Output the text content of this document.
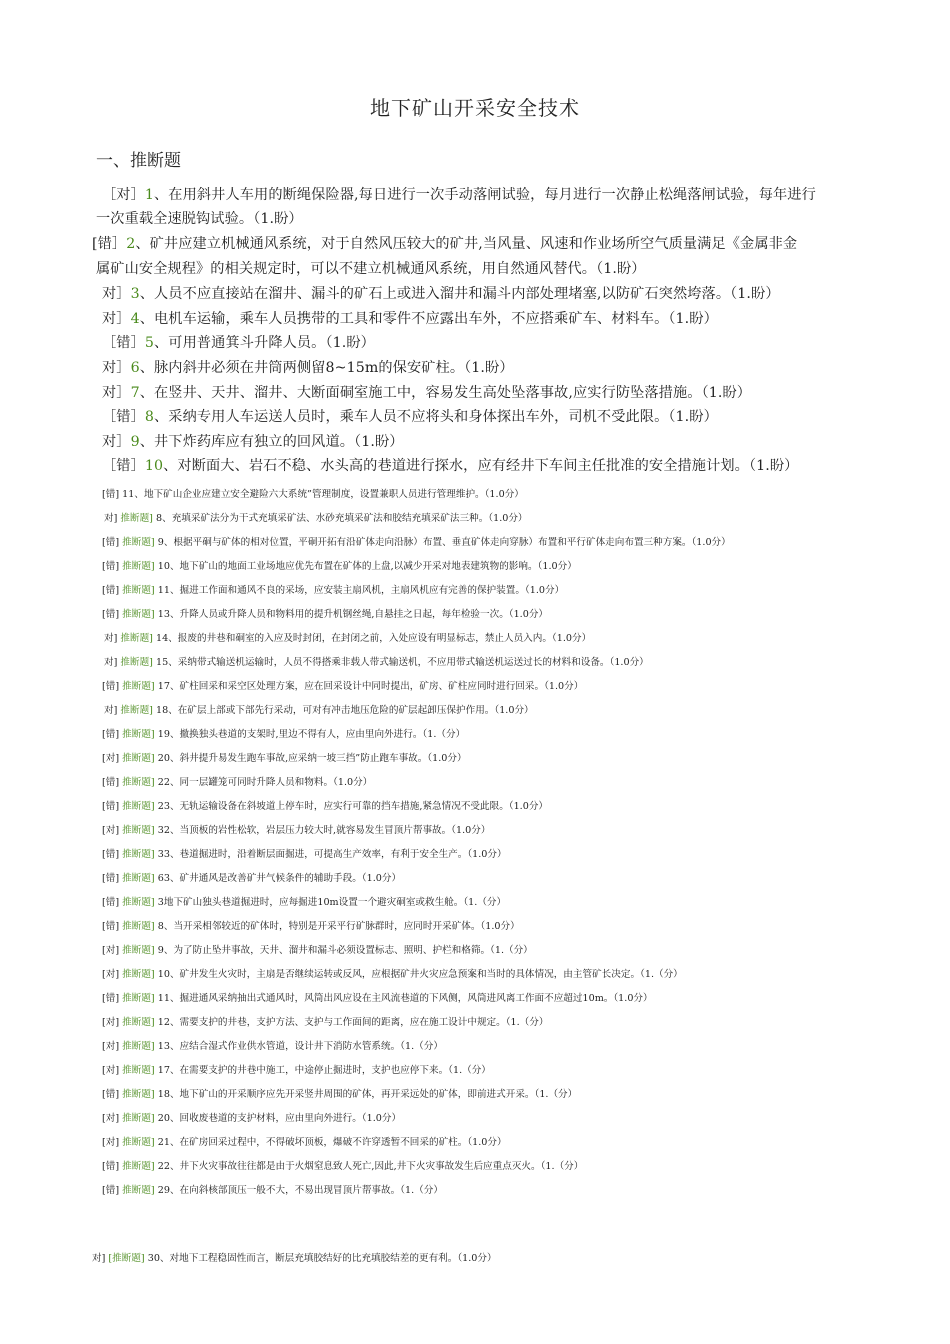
地下矿山开采安全技术
一、推断题
［对］1、在用斜井人车用的断绳保险器,每日进行一次手动落闸试验，每月进行一次静止松绳落闸试验，每年进行
一次重载全速脱钩试验。（1.盼）
[错］2、矿井应建立机械通风系统，对于自然风压较大的矿井,当风量、风速和作业场所空气质量满足《金属非金
属矿山安全规程》的相关规定时，可以不建立机械通风系统，用自然通风替代。（1.盼）
对］3、人员不应直接站在溜井、漏斗的矿石上或进入溜井和漏斗内部处理堵塞,以防矿石突然垮落。（1.盼）
对］4、电机车运输，乘车人员携带的工具和零件不应露出车外，不应搭乘矿车、材料车。（1.盼）
［错］5、可用普通箕斗升降人员。（1.盼）
对］6、脉内斜井必须在井筒两侧留8~15m的保安矿柱。（1.盼）
对］7、在竖井、天井、溜井、大断面硐室施工中，容易发生高处坠落事故,应实行防坠落措施。（1.盼）
［错］8、采纳专用人车运送人员时，乘车人员不应将头和身体探出车外，司机不受此限。（1.盼）
对］9、井下炸药库应有独立的回风道。（1.盼）
［错］10、对断面大、岩石不稳、水头高的巷道进行探水，应有经井下车间主任批准的安全措施计划。（1.盼）
[错] 11、地下矿山企业应建立安全避险六大系统”管理制度，设置兼职人员进行管理维护。（1.0分）
对] 推断题] 8、充填采矿法分为干式充填采矿法、水砂充填采矿法和胶结充填采矿法三种。（1.0分）
[错] 推断题] 9、根据平硐与矿体的相对位置，平硐开拓有沿矿体走向沿脉）布置、垂直矿体走向穿脉）布置和平行矿体走向布置三种方案。（1.0分）
[错] 推断题] 10、地下矿山的地面工业场地应优先布置在矿体的上盘,以减少开采对地表建筑物的影响。（1.0分）
[错] 推断题] 11、掘进工作面和通风不良的采场，应安装主扇风机，主扇风机应有完善的保护装置。（1.0分）
[错] 推断题] 13、升降人员或升降人员和物料用的提升机钢丝绳,自悬挂之日起，每年检验一次。（1.0分）
对] 推断题] 14、报废的井巷和硐室的入应及时封闭，在封闭之前，入处应设有明显标志，禁止人员入内。（1.0分）
对] 推断题] 15、采纳带式输送机运输时，人员不得搭乘非载人带式输送机，不应用带式输送机运送过长的材料和设备。（1.0分）
[错] 推断题] 17、矿柱回采和采空区处理方案，应在回采设计中同时提出，矿房、矿柱应同时进行回采。（1.0分）
对] 推断题] 18、在矿层上部或下部先行采动，可对有冲击地压危险的矿层起卸压保护作用。（1.0分）
[错] 推断题] 19、撤换独头巷道的支架时,里边不得有人，应由里向外进行。（1.（分）
[对] 推断题] 20、斜井提升易发生跑车事故,应采纳一坡三挡”防止跑车事故。（1.0分）
[错] 推断题] 22、同一层罐笼可同时升降人员和物料。（1.0分）
[错] 推断题] 23、无轨运输设备在斜坡道上停车时，应实行可靠的挡车措施,紧急情况不受此限。（1.0分）
[对] 推断题] 32、当顶板的岩性松软，岩层压力较大时,就容易发生冒顶片帮事故。（1.0分）
[错] 推断题] 33、巷道掘进时，沿着断层面掘进，可提高生产效率，有利于安全生产。（1.0分）
[错] 推断题] 63、矿井通风是改善矿井气候条件的辅助手段。（1.0分）
[错] 推断题] 3地下矿山独头巷道掘进时，应每掘进10m设置一个避灾硐室或救生舱。（1.（分）
[错] 推断题] 8、当开采相邻较近的矿体时，特别是开采平行矿脉群时，应同时开采矿体。（1.0分）
[对] 推断题] 9、为了防止坠井事故，天井、溜井和漏斗必须设置标志、照明、护栏和格筛。（1.（分）
[对] 推断题] 10、矿井发生火灾时，主扇是否继续运转或反风，应根据矿井火灾应急预案和当时的具体情况，由主管矿长决定。（1.（分）
[错] 推断题] 11、掘进通风采纳抽出式通风时，风筒出风应设在主风流巷道的下风侧，风筒进风离工作面不应超过10m。（1.0分）
[对] 推断题] 12、需要支护的井巷，支护方法、支护与工作面间的距离，应在施工设计中规定。（1.（分）
[对] 推断题] 13、应结合湿式作业供水管道，设计井下消防水管系统。（1.（分）
[对] 推断题] 17、在需要支护的井巷中施工，中途停止掘进时，支护也应停下来。（1.（分）
[错] 推断题] 18、地下矿山的开采顺序应先开采竖井周围的矿体，再开采远处的矿体，即前进式开采。（1.（分）
[对] 推断题] 20、回收废巷道的支护材料，应由里向外进行。（1.0分）
[对] 推断题] 21、在矿房回采过程中，不得破坏顶板，爆破不许穿透暂不回采的矿柱。（1.0分）
[错] 推断题] 22、井下火灾事故往往都是由于火烟窒息致人死亡,因此,井下火灾事故发生后应重点灭火。（1.（分）
[错] 推断题] 29、在向斜核部顶压一般不大，不易出现冒顶片帮事故。（1.（分）
对] [推断题] 30、对地下工程稳固性而言，断层充填胶结好的比充填胶结差的更有利。（1.0分）
